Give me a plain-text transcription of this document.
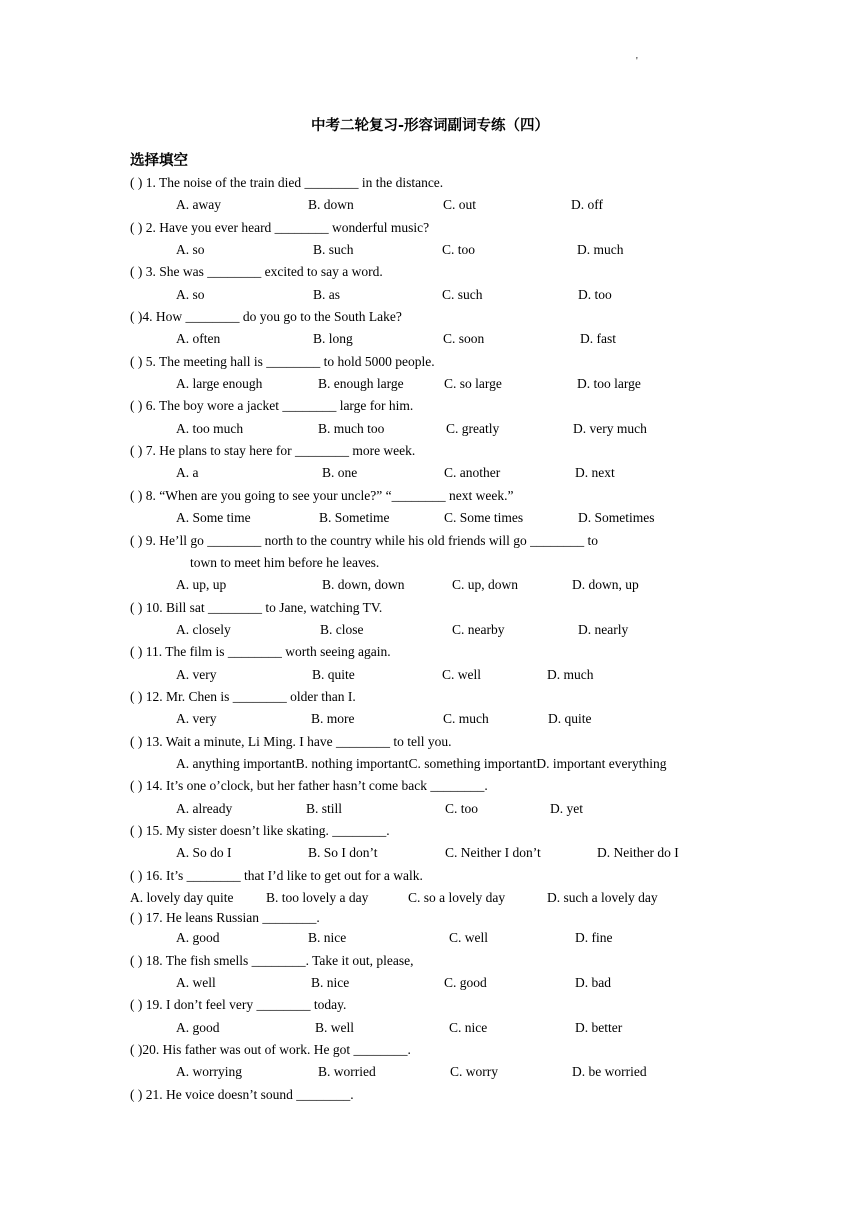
'
中考二轮复习-形容词副词专练（四）
选择填空
( ) 1. The noise of the train died ________ in the distance.
A. away	B. down	C. out	D. off
( ) 2. Have you ever heard ________ wonderful music?
A. so	B. such	C. too	D. much
( ) 3. She was ________ excited to say a word.
A. so	B. as	C. such	D. too
( )4. How ________ do you go to the South Lake?
A. often	B. long	C. soon	D. fast
( ) 5. The meeting hall is ________ to hold 5000 people.
A. large enough	B. enough large	C. so large	D. too large
( ) 6. The boy wore a jacket ________ large for him.
A. too much	B. much too	C. greatly	D. very much
( ) 7. He plans to stay here for ________ more week.
A. a	B. one	C. another	D. next
( ) 8. “When are you going to see your uncle?” “________ next week.”
A. Some time	B. Sometime	C. Some times	D. Sometimes
( ) 9. He’ll go ________ north to the country while his old friends will go ________ to
town to meet him before he leaves.
A. up, up	B. down, down	C. up, down	D. down, up
( ) 10. Bill sat ________ to Jane, watching TV.
A. closely	B. close	C. nearby	D. nearly
( ) 11. The film is ________ worth seeing again.
A. very	B. quite	C. well	D. much
( ) 12. Mr. Chen is ________ older than I.
A. very	B. more	C. much	D. quite
( ) 13. Wait a minute, Li Ming. I have ________ to tell you.
A. anything importantB. nothing importantC. something importantD. important everything
( ) 14. It’s one o’clock, but her father hasn’t come back ________.
A. already	B. still	C. too	D. yet
( ) 15. My sister doesn’t like skating. ________.
A. So do I	B. So I don’t	C. Neither I don’t	D. Neither do I
( ) 16. It’s ________ that I’d like to get out for a walk.
A. lovely day quite B. too lovely a day	C. so a lovely day	D. such a lovely day
( ) 17. He leans Russian ________.
A. good	B. nice	C. well	D. fine
( ) 18. The fish smells ________. Take it out, please,
A. well	B. nice	C. good	D. bad
( ) 19. I don’t feel very ________ today.
A. good	B. well	C. nice	D. better
( )20. His father was out of work. He got ________.
A. worrying	B. worried	C. worry	D. be worried
( ) 21. He voice doesn’t sound ________.
